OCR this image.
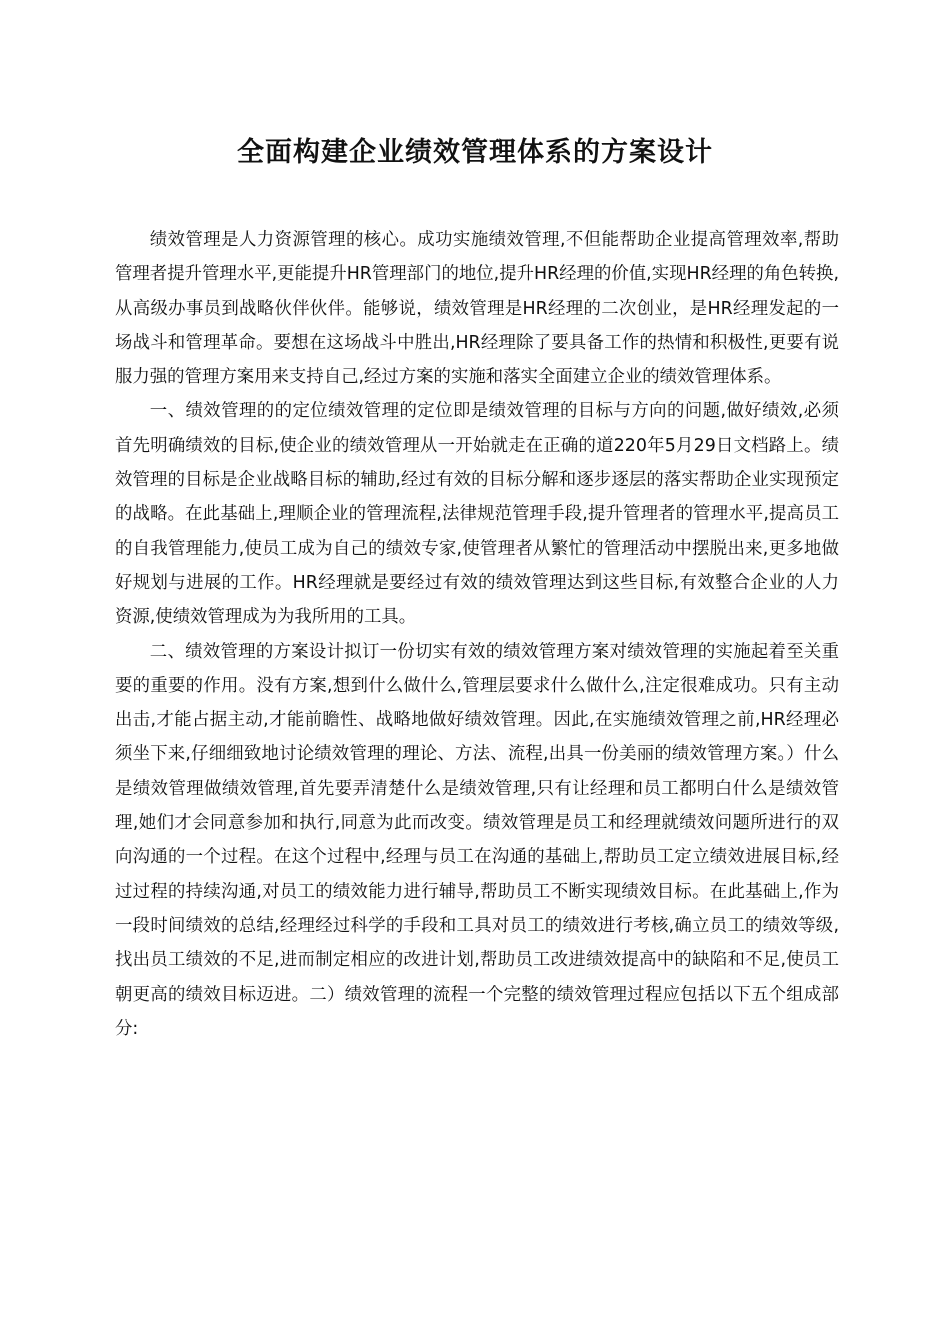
全面构建企业绩效管理体系的方案设计

绩效管理是人力资源管理的核心。成功实施绩效管理,不但能帮助企业提高管理效率,帮助管理者提升管理水平,更能提升HR管理部门的地位,提升HR经理的价值,实现HR经理的角色转换,从高级办事员到战略伙伴伙伴。能够说，绩效管理是HR经理的二次创业，是HR经理发起的一场战斗和管理革命。要想在这场战斗中胜出,HR经理除了要具备工作的热情和积极性,更要有说服力强的管理方案用来支持自己,经过方案的实施和落实全面建立企业的绩效管理体系。

一、绩效管理的的定位绩效管理的定位即是绩效管理的目标与方向的问题,做好绩效,必须首先明确绩效的目标,使企业的绩效管理从一开始就走在正确的道220年5月29日文档路上。绩效管理的目标是企业战略目标的辅助,经过有效的目标分解和逐步逐层的落实帮助企业实现预定的战略。在此基础上,理顺企业的管理流程,法律规范管理手段,提升管理者的管理水平,提高员工的自我管理能力,使员工成为自己的绩效专家,使管理者从繁忙的管理活动中摆脱出来,更多地做好规划与进展的工作。HR经理就是要经过有效的绩效管理达到这些目标,有效整合企业的人力资源,使绩效管理成为为我所用的工具。

二、绩效管理的方案设计拟订一份切实有效的绩效管理方案对绩效管理的实施起着至关重要的重要的作用。没有方案,想到什么做什么,管理层要求什么做什么,注定很难成功。只有主动出击,才能占据主动,才能前瞻性、战略地做好绩效管理。因此,在实施绩效管理之前,HR经理必须坐下来,仔细细致地讨论绩效管理的理论、方法、流程,出具一份美丽的绩效管理方案。）什么是绩效管理做绩效管理,首先要弄清楚什么是绩效管理,只有让经理和员工都明白什么是绩效管理,她们才会同意参加和执行,同意为此而改变。绩效管理是员工和经理就绩效问题所进行的双向沟通的一个过程。在这个过程中,经理与员工在沟通的基础上,帮助员工定立绩效进展目标,经过过程的持续沟通,对员工的绩效能力进行辅导,帮助员工不断实现绩效目标。在此基础上,作为一段时间绩效的总结,经理经过科学的手段和工具对员工的绩效进行考核,确立员工的绩效等级,找出员工绩效的不足,进而制定相应的改进计划,帮助员工改进绩效提高中的缺陷和不足,使员工朝更高的绩效目标迈进。二）绩效管理的流程一个完整的绩效管理过程应包括以下五个组成部分:
